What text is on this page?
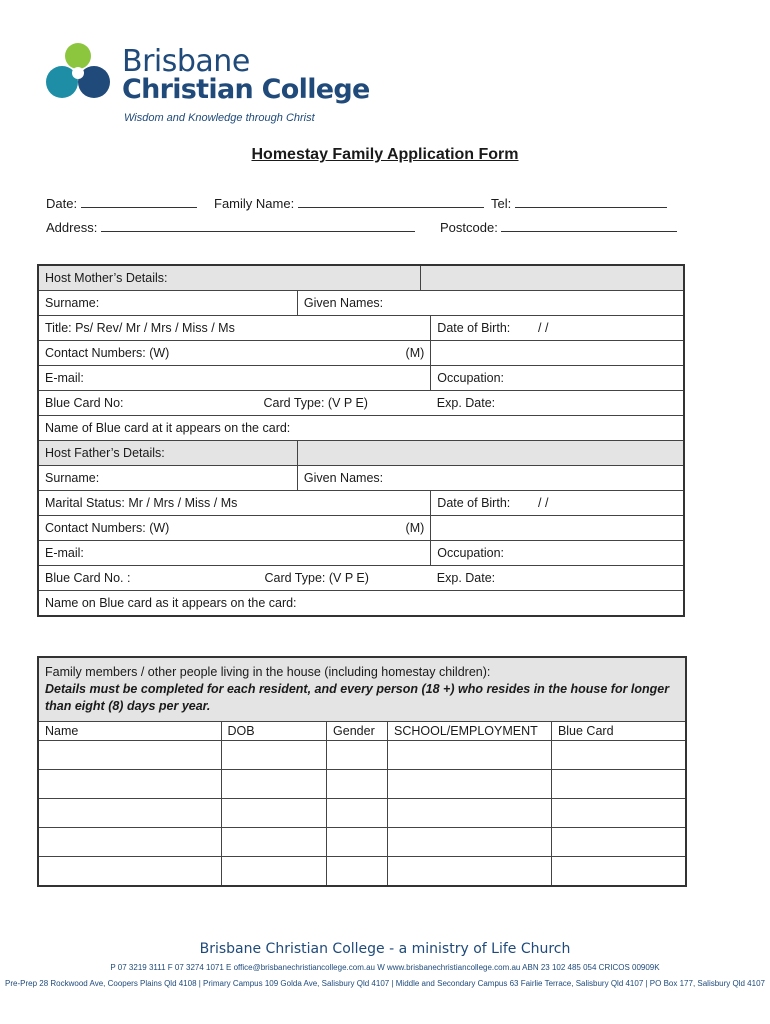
Brisbane
Christian College
Wisdom and Knowledge through Christ
Homestay Family Application Form
Date:	Family Name:	Tel:
Address:	Postcode:
Host Mother’s Details:			
Surname:	Given Names:		
Title: Ps/ Rev/ Mr / Mrs / Miss / Ms			Date of Birth: / /
Contact Numbers: (W) (M)			

E-mail:			Occupation:
Blue Card No: Card Type: (V P E)			Exp. Date:
Name of Blue card at it appears on the card:			
Host Father’s Details:			
Surname:	Given Names:		
Marital Status: Mr / Mrs / Miss / Ms			Date of Birth: / /
Contact Numbers: (W) (M)			

E-mail:			Occupation:
Blue Card No. : Card Type: (V P E)			Exp. Date:
Name on Blue card as it appears on the card:			
Family members / other people living in the house (including homestay children):
Details must be completed for each resident, and every person (18 +) who resides in the house for longer than eight (8) days per year.				

Name	DOB	Gender	SCHOOL/EMPLOYMENT	Blue Card

Brisbane Christian College - a ministry of Life Church
P 07 3219 3111 F 07 3274 1071 E office@brisbanechristiancollege.com.au W www.brisbanechristiancollege.com.au ABN 23 102 485 054 CRICOS 00909K
Pre-Prep 28 Rockwood Ave, Coopers Plains Qld 4108 | Primary Campus 109 Golda Ave, Salisbury Qld 4107 | Middle and Secondary Campus 63 Fairlie Terrace, Salisbury Qld 4107 | PO Box 177, Salisbury Qld 4107
